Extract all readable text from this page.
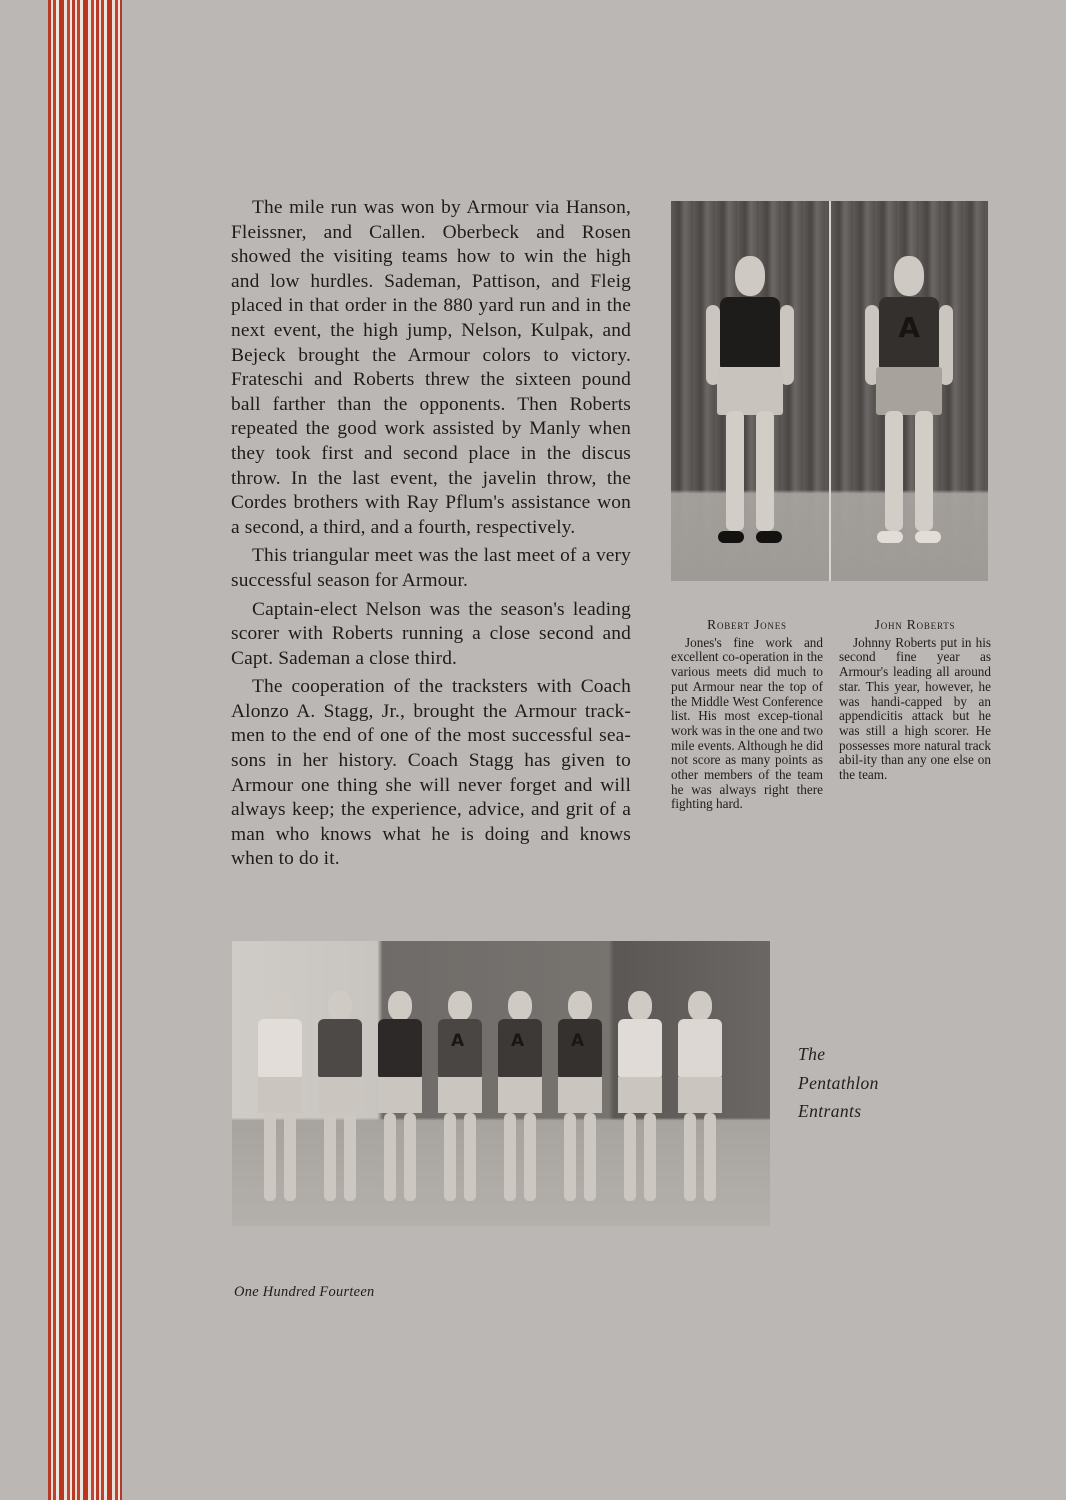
The mile run was won by Armour via Hanson, Fleissner, and Callen. Oberbeck and Rosen showed the visiting teams how to win the high and low hurdles. Sademan, Pattison, and Fleig placed in that order in the 880 yard run and in the next event, the high jump, Nelson, Kulpak, and Bejeck brought the Armour colors to victory. Frateschi and Roberts threw the sixteen pound ball farther than the opponents. Then Roberts repeated the good work assisted by Manly when they took first and second place in the discus throw. In the last event, the javelin throw, the Cordes brothers with Ray Pflum's assistance won a second, a third, and a fourth, respectively.

This triangular meet was the last meet of a very successful season for Armour.

Captain-elect Nelson was the season's leading scorer with Roberts running a close second and Capt. Sademan a close third.

The cooperation of the tracksters with Coach Alonzo A. Stagg, Jr., brought the Armour track-men to the end of one of the most successful sea-sons in her history. Coach Stagg has given to Armour one thing she will never forget and will always keep; the experience, advice, and grit of a man who knows what he is doing and knows when to do it.

A
Robert Jones

Jones's fine work and excellent co-operation in the various meets did much to put Armour near the top of the Middle West Conference list. His most excep-tional work was in the one and two mile events. Although he did not score as many points as other members of the team he was always right there fighting hard.

John Roberts

Johnny Roberts put in his second fine year as Armour's leading all around star. This year, however, he was handi-capped by an appendicitis attack but he was still a high scorer. He possesses more natural track abil-ity than any one else on the team.

A	A	A
The
Pentathlon
Entrants
One Hundred Fourteen
